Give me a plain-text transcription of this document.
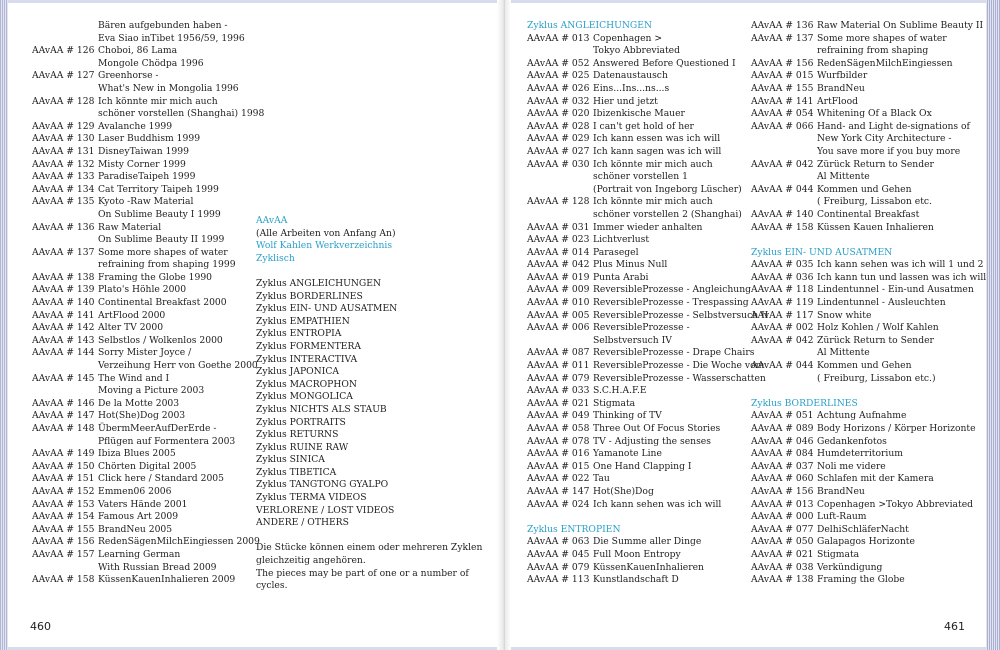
Bären aufgebunden haben -
Eva Siao inTibet 1956/59, 1996
AAvAA # 126 Choboi, 86 Lama
Mongole Chödpa 1996
AAvAA # 127 Greenhorse -
What's New in Mongolia 1996
AAvAA # 128 Ich könnte mir mich auch
schöner vorstellen (Shanghai) 1998
AAvAA # 129 Avalanche 1999
AAvAA # 130 Laser Buddhism 1999
AAvAA # 131 DisneyTaiwan 1999
AAvAA # 132 Misty Corner 1999
AAvAA # 133 ParadiseTaipeh 1999
AAvAA # 134 Cat Territory Taipeh 1999
AAvAA # 135 Kyoto -Raw Material
On Sublime Beauty I 1999
AAvAA # 136 Raw Material
On Sublime Beauty II 1999
AAvAA # 137 Some more shapes of water
refraining from shaping 1999
AAvAA # 138 Framing the Globe 1990
AAvAA # 139 Plato's Höhle 2000
AAvAA # 140 Continental Breakfast 2000
AAvAA # 141 ArtFlood 2000
AAvAA # 142 Alter TV 2000
AAvAA # 143 Selbstlos / Wolkenlos 2000
AAvAA # 144 Sorry Mister Joyce /
Verzeihung Herr von Goethe 2000
AAvAA # 145 The Wind and I
Moving a Picture 2003
AAvAA # 146 De la Motte 2003
AAvAA # 147 Hot(She)Dog 2003
AAvAA # 148 ÜbermMeerAufDerErde -
Pflügen auf Formentera 2003
AAvAA # 149 Ibiza Blues 2005
AAvAA # 150 Chörten Digital 2005
AAvAA # 151 Click here / Standard 2005
AAvAA # 152 Emmen06 2006
AAvAA # 153 Vaters Hände 2001
AAvAA # 154 Famous Art 2009
AAvAA # 155 BrandNeu 2005
AAvAA # 156 RedenSägenMilchEingiessen 2009
AAvAA # 157 Learning German
With Russian Bread 2009
AAvAA # 158 KüssenKauenInhalieren 2009
AAvAA
(Alle Arbeiten von Anfang An)
Wolf Kahlen Werkverzeichnis
Zyklisch
Zyklus ANGLEICHUNGEN
Zyklus BORDERLINES
Zyklus EIN- UND AUSATMEN
Zyklus EMPATHIEN
Zyklus ENTROPIA
Zyklus FORMENTERA
Zyklus INTERACTIVA
Zyklus JAPONICA
Zyklus MACROPHON
Zyklus MONGOLICA
Zyklus NICHTS ALS STAUB
Zyklus PORTRAITS
Zyklus RETURNS
Zyklus RUINE RAW
Zyklus SINICA
Zyklus TIBETICA
Zyklus TANGTONG GYALPO
Zyklus TERMA VIDEOS
VERLORENE / LOST VIDEOS
ANDERE / OTHERS
Die Stücke können einem oder mehreren Zyklen
gleichzeitig angehören.
The pieces may be part of one or a number of
cycles.
460
Zyklus ANGLEICHUNGEN
AAvAA # 013 Copenhagen >
Tokyo Abbreviated
AAvAA # 052 Answered Before Questioned I
AAvAA # 025 Datenaustausch
AAvAA # 026 Eins...Ins...ns...s
AAvAA # 032 Hier und jetzt
AAvAA # 020 Ibizenkische Mauer
AAvAA # 028 I can't get hold of her
AAvAA # 029 Ich kann essen was ich will
AAvAA # 027 Ich kann sagen was ich will
AAvAA # 030 Ich könnte mir mich auch
schöner vorstellen 1
(Portrait von Ingeborg Lüscher)
AAvAA # 128 Ich könnte mir mich auch
schöner vorstellen 2 (Shanghai)
AAvAA # 031 Immer wieder anhalten
AAvAA # 023 Lichtverlust
AAvAA # 014 Parasegel
AAvAA # 042 Plus Minus Null
AAvAA # 019 Punta Arabi
AAvAA # 009 ReversibleProzesse - Angleichung
AAvAA # 010 ReversibleProzesse - Trespassing
AAvAA # 005 ReversibleProzesse - Selbstversuch II
AAvAA # 006 ReversibleProzesse -
Selbstversuch IV
AAvAA # 087 ReversibleProzesse - Drape Chairs
AAvAA # 011 ReversibleProzesse - Die Woche vom
AAvAA # 079 ReversibleProzesse - Wasserschatten
AAvAA # 033 S.C.H.A.F.E
AAvAA # 021 Stigmata
AAvAA # 049 Thinking of TV
AAvAA # 058 Three Out Of Focus Stories
AAvAA # 078 TV - Adjusting the senses
AAvAA # 016 Yamanote Line
AAvAA # 015 One Hand Clapping I
AAvAA # 022 Tau
AAvAA # 147 Hot(She)Dog
AAvAA # 024 Ich kann sehen was ich will
Zyklus ENTROPIEN
AAvAA # 063 Die Summe aller Dinge
AAvAA # 045 Full Moon Entropy
AAvAA # 079 KüssenKauenInhalieren
AAvAA # 113 Kunstlandschaft D
AAvAA # 136 Raw Material On Sublime Beauty II
AAvAA # 137 Some more shapes of water
refraining from shaping
AAvAA # 156 RedenSägenMilchEingiessen
AAvAA # 015 Wurfbilder
AAvAA # 155 BrandNeu
AAvAA # 141 ArtFlood
AAvAA # 054 Whitening Of a Black Ox
AAvAA # 066 Hand- and Light de-signations of
New York City Architecture -
You save more if you buy more
AAvAA # 042 Zürück Return to Sender
Al Mittente
AAvAA # 044 Kommen und Gehen
( Freiburg, Lissabon etc.
AAvAA # 140 Continental Breakfast
AAvAA # 158 Küssen Kauen Inhalieren
Zyklus EIN- UND AUSATMEN
AAvAA # 035 Ich kann sehen was ich will 1 und 2
AAvAA # 036 Ich kann tun und lassen was ich will
AAvAA # 118 Lindentunnel - Ein-und Ausatmen
AAvAA # 119 Lindentunnel - Ausleuchten
AAvAA # 117 Snow white
AAvAA # 002 Holz Kohlen / Wolf Kahlen
AAvAA # 042 Zürück Return to Sender
Al Mittente
AAvAA # 044 Kommen und Gehen
( Freiburg, Lissabon etc.)
Zyklus BORDERLINES
AAvAA # 051 Achtung Aufnahme
AAvAA # 089 Body Horizons / Körper Horizonte
AAvAA # 046 Gedankenfotos
AAvAA # 084 Humdeterritorium
AAvAA # 037 Noli me videre
AAvAA # 060 Schlafen mit der Kamera
AAvAA # 156 BrandNeu
AAvAA # 013 Copenhagen >Tokyo Abbreviated
AAvAA # 000 Luft-Raum
AAvAA # 077 DelhiSchläferNacht
AAvAA # 050 Galapagos Horizonte
AAvAA # 021 Stigmata
AAvAA # 038 Verkündigung
AAvAA # 138 Framing the Globe
461
